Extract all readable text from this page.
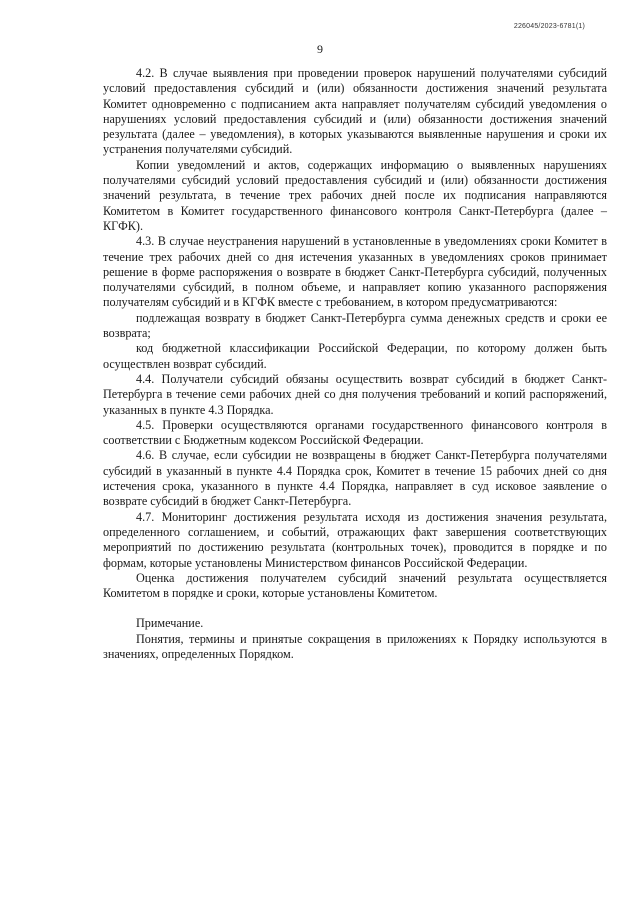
226045/2023-6781(1)
9

4.2. В случае выявления при проведении проверок нарушений получателями субсидий условий предоставления субсидий и (или) обязанности достижения значений результата Комитет одновременно с подписанием акта направляет получателям субсидий уведомления о нарушениях условий предоставления субсидий и (или) обязанности достижения значений результата (далее – уведомления), в которых указываются выявленные нарушения и сроки их устранения получателями субсидий.

Копии уведомлений и актов, содержащих информацию о выявленных нарушениях получателями субсидий условий предоставления субсидий и (или) обязанности достижения значений результата, в течение трех рабочих дней после их подписания направляются Комитетом в Комитет государственного финансового контроля Санкт-Петербурга (далее – КГФК).

4.3. В случае неустранения нарушений в установленные в уведомлениях сроки Комитет в течение трех рабочих дней со дня истечения указанных в уведомлениях сроков принимает решение в форме распоряжения о возврате в бюджет Санкт-Петербурга субсидий, полученных получателями субсидий, в полном объеме, и направляет копию указанного распоряжения получателям субсидий и в КГФК вместе с требованием, в котором предусматриваются:

подлежащая возврату в бюджет Санкт-Петербурга сумма денежных средств и сроки ее возврата;

код бюджетной классификации Российской Федерации, по которому должен быть осуществлен возврат субсидий.

4.4. Получатели субсидий обязаны осуществить возврат субсидий в бюджет Санкт-Петербурга в течение семи рабочих дней со дня получения требований и копий распоряжений, указанных в пункте 4.3 Порядка.

4.5. Проверки осуществляются органами государственного финансового контроля в соответствии с Бюджетным кодексом Российской Федерации.

4.6. В случае, если субсидии не возвращены в бюджет Санкт-Петербурга получателями субсидий в указанный в пункте 4.4 Порядка срок, Комитет в течение 15 рабочих дней со дня истечения срока, указанного в пункте 4.4 Порядка, направляет в суд исковое заявление о возврате субсидий в бюджет Санкт-Петербурга.

4.7. Мониторинг достижения результата исходя из достижения значения результата, определенного соглашением, и событий, отражающих факт завершения соответствующих мероприятий по достижению результата (контрольных точек), проводится в порядке и по формам, которые установлены Министерством финансов Российской Федерации.

Оценка достижения получателем субсидий значений результата осуществляется Комитетом в порядке и сроки, которые установлены Комитетом.

Примечание.

Понятия, термины и принятые сокращения в приложениях к Порядку используются в значениях, определенных Порядком.
